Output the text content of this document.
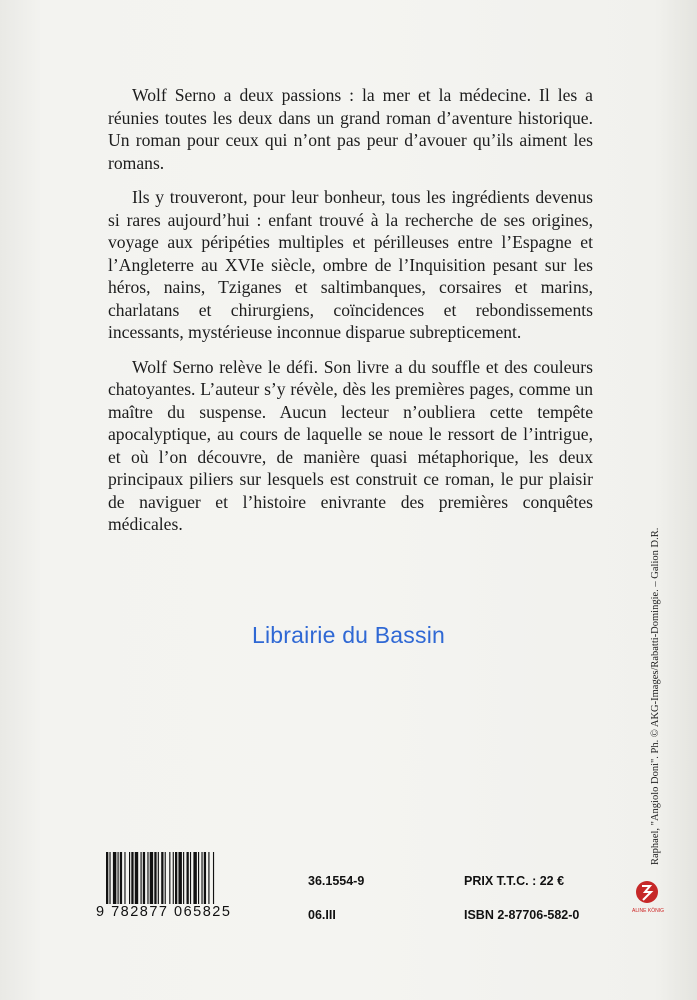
Wolf Serno a deux passions : la mer et la médecine. Il les a réunies toutes les deux dans un grand roman d’aventure historique. Un roman pour ceux qui n’ont pas peur d’avouer qu’ils aiment les romans.

Ils y trouveront, pour leur bonheur, tous les ingrédients devenus si rares aujourd’hui : enfant trouvé à la recherche de ses origines, voyage aux péripéties multiples et périlleuses entre l’Espagne et l’Angleterre au XVIe siècle, ombre de l’Inquisition pesant sur les héros, nains, Tziganes et saltimbanques, corsaires et marins, charlatans et chirurgiens, coïncidences et rebondissements incessants, mystérieuse inconnue disparue subrepticement.

Wolf Serno relève le défi. Son livre a du souffle et des couleurs chatoyantes. L’auteur s’y révèle, dès les premières pages, comme un maître du suspense. Aucun lecteur n’oubliera cette tempête apocalyptique, au cours de laquelle se noue le ressort de l’intrigue, et où l’on découvre, de manière quasi métaphorique, les deux principaux piliers sur lesquels est construit ce roman, le pur plaisir de naviguer et l’histoire enivrante des premières conquêtes médicales.

Librairie du Bassin	Raphael, "Angiolo Doni". Ph. © AKG-Images/Rabatti-Domingie. – Galion D.R.
9 782877 065825
36.1554-9
06.III
PRIX T.T.C. : 22 €
ISBN 2-87706-582-0	ALINE KÖNIG
